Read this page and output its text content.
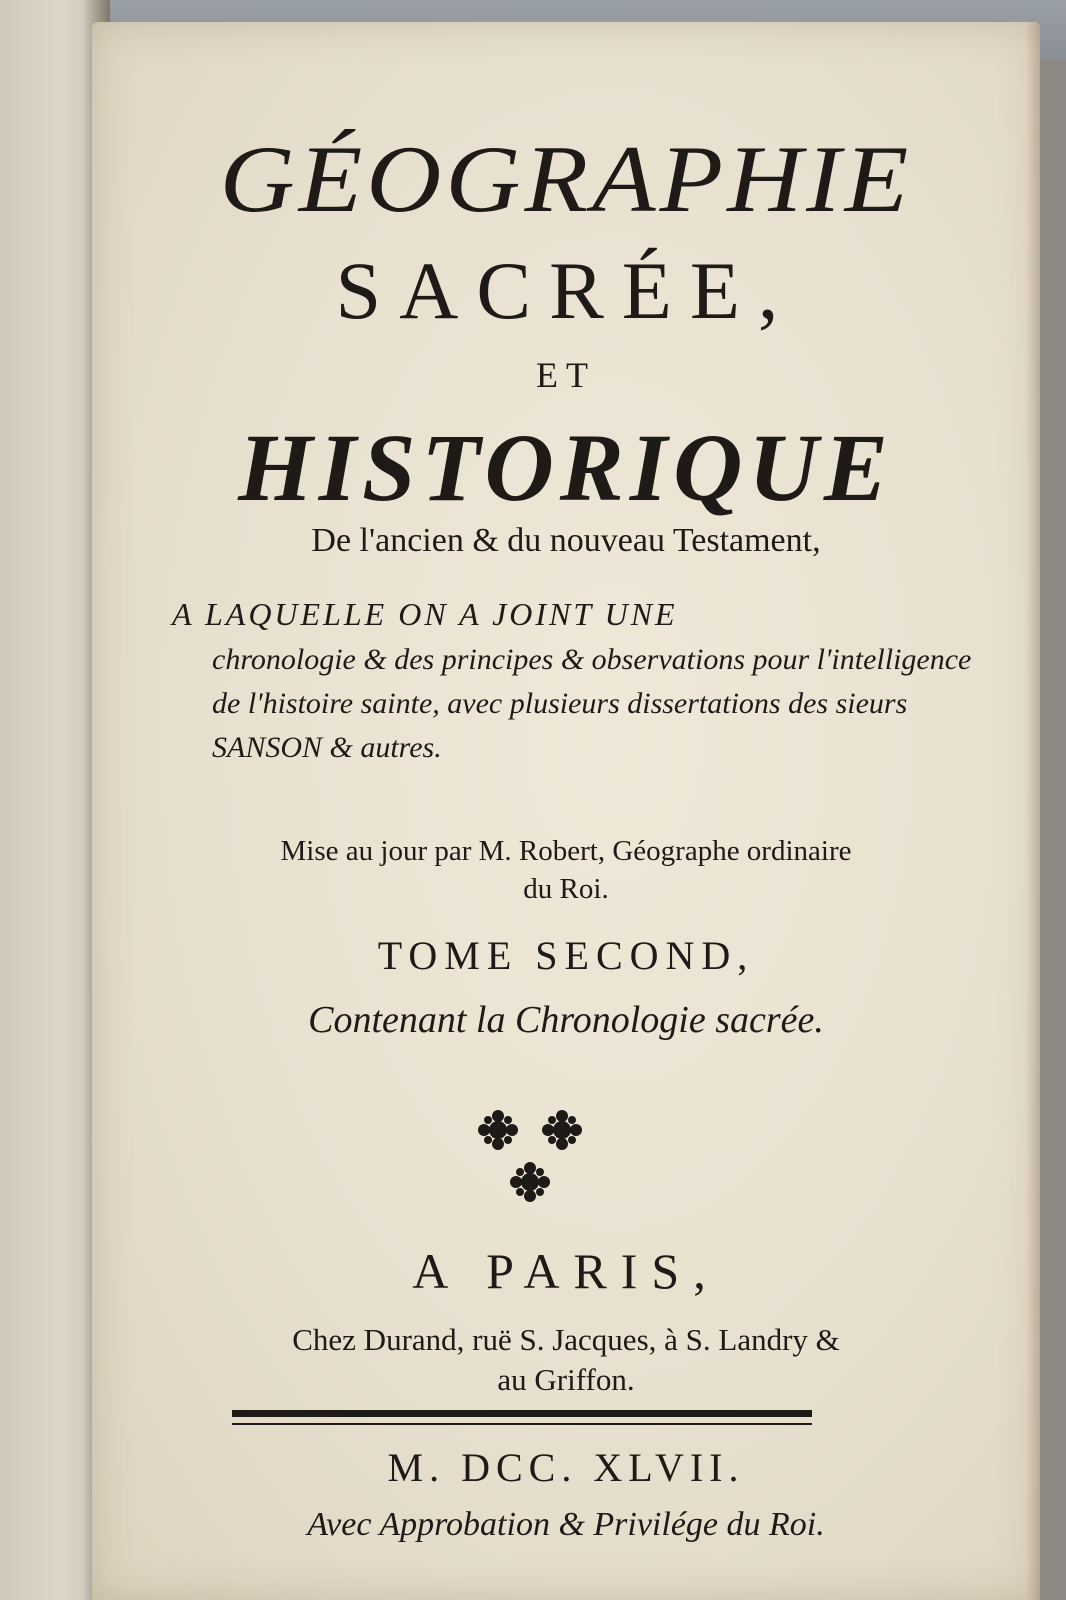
GÉOGRAPHIE
SACRÉE,
ET
HISTORIQUE
De l'ancien & du nouveau Testament,
A LAQUELLE ON A JOINT UNE
chronologie & des principes & observations pour l'intelligence de l'histoire sainte, avec plusieurs dissertations des sieurs SANSON & autres.
Mise au jour par M. Robert, Géographe ordinaire
du Roi.
TOME SECOND,
Contenant la Chronologie sacrée.
A PARIS,
Chez Durand, ruë S. Jacques, à S. Landry &
au Griffon.
M. DCC. XLVII.
Avec Approbation & Privilége du Roi.
